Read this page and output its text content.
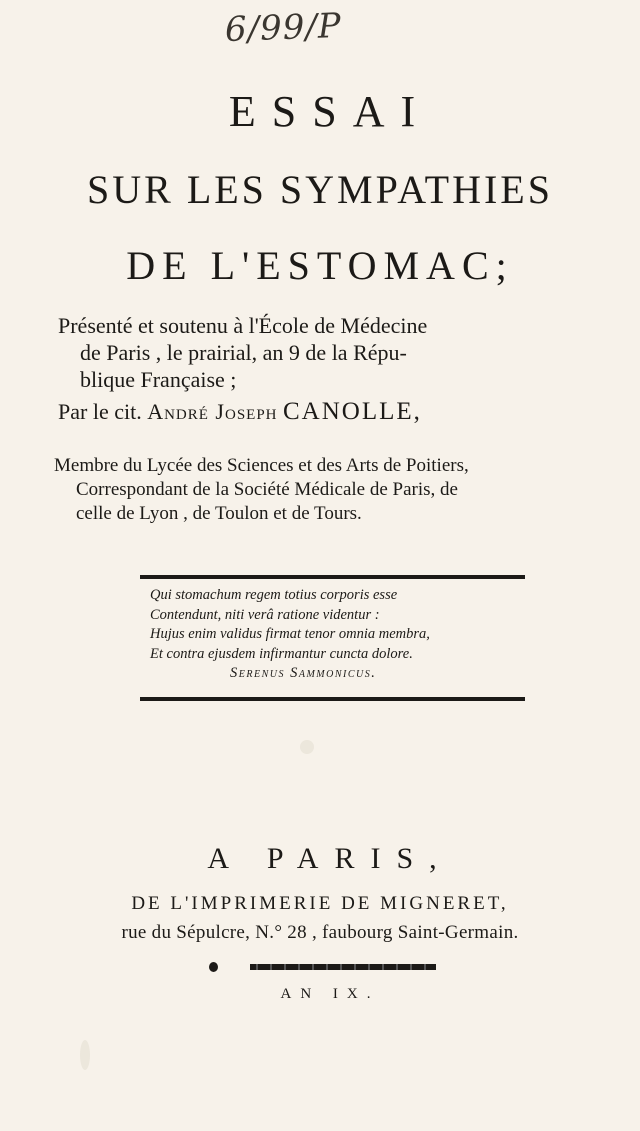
6/99/P
ESSAI
SUR LES SYMPATHIES
DE L'ESTOMAC;
Présenté et soutenu à l'École de Médecine
de Paris , le prairial, an 9 de la Répu-
blique Française ;
Par le cit. André Joseph CANOLLE,
Membre du Lycée des Sciences et des Arts de Poitiers,
Correspondant de la Société Médicale de Paris, de
celle de Lyon , de Toulon et de Tours.
Qui stomachum regem totius corporis esse
Contendunt, niti verâ ratione videntur :
Hujus enim validus firmat tenor omnia membra,
Et contra ejusdem infirmantur cuncta dolore.
Serenus Sammonicus.
A PARIS,
DE L'IMPRIMERIE DE MIGNERET,
rue du Sépulcre, N.° 28 , faubourg Saint-Germain.
AN IX.
